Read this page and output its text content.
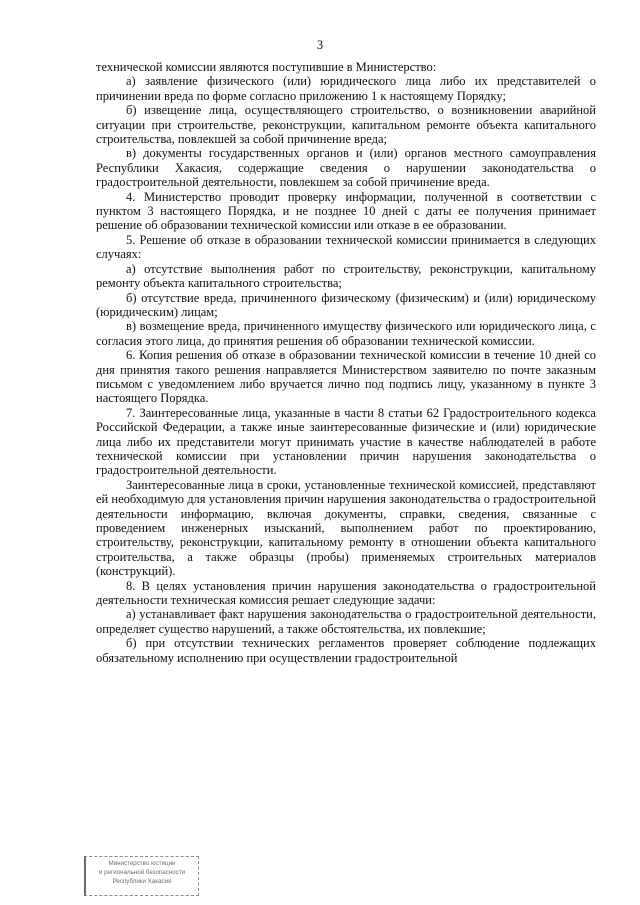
3

технической комиссии являются поступившие в Министерство:

а) заявление физического (или) юридического лица либо их представителей о причинении вреда по форме согласно приложению 1 к настоящему Порядку;

б) извещение лица, осуществляющего строительство, о возникновении аварийной ситуации при строительстве, реконструкции, капитальном ремонте объекта капитального строительства, повлекшей за собой причинение вреда;

в) документы государственных органов и (или) органов местного самоуправления Республики Хакасия, содержащие сведения о нарушении законодательства о градостроительной деятельности, повлекшем за собой причинение вреда.

4. Министерство проводит проверку информации, полученной в соответствии с пунктом 3 настоящего Порядка, и не позднее 10 дней с даты ее получения принимает решение об образовании технической комиссии или отказе в ее образовании.

5. Решение об отказе в образовании технической комиссии принимается в следующих случаях:

а) отсутствие выполнения работ по строительству, реконструкции, капитальному ремонту объекта капитального строительства;

б) отсутствие вреда, причиненного физическому (физическим) и (или) юридическому (юридическим) лицам;

в) возмещение вреда, причиненного имуществу физического или юридического лица, с согласия этого лица, до принятия решения об образовании технической комиссии.

6. Копия решения об отказе в образовании технической комиссии в течение 10 дней со дня принятия такого решения направляется Министерством заявителю по почте заказным письмом с уведомлением либо вручается лично под подпись лицу, указанному в пункте 3 настоящего Порядка.

7. Заинтересованные лица, указанные в части 8 статьи 62 Градостроительного кодекса Российской Федерации, а также иные заинтересованные физические и (или) юридические лица либо их представители могут принимать участие в качестве наблюдателей в работе технической комиссии при установлении причин нарушения законодательства о градостроительной деятельности.

Заинтересованные лица в сроки, установленные технической комиссией, представляют ей необходимую для установления причин нарушения законодательства о градостроительной деятельности информацию, включая документы, справки, сведения, связанные с проведением инженерных изысканий, выполнением работ по проектированию, строительству, реконструкции, капитальному ремонту в отношении объекта капитального строительства, а также образцы (пробы) применяемых строительных материалов (конструкций).

8. В целях установления причин нарушения законодательства о градостроительной деятельности техническая комиссия решает следующие задачи:

а) устанавливает факт нарушения законодательства о градостроительной деятельности, определяет существо нарушений, а также обстоятельства, их повлекшие;

б) при отсутствии технических регламентов проверяет соблюдение подлежащих обязательному исполнению при осуществлении градостроительной

Министерство юстиции
и региональной безопасности
Республики Хакасия
